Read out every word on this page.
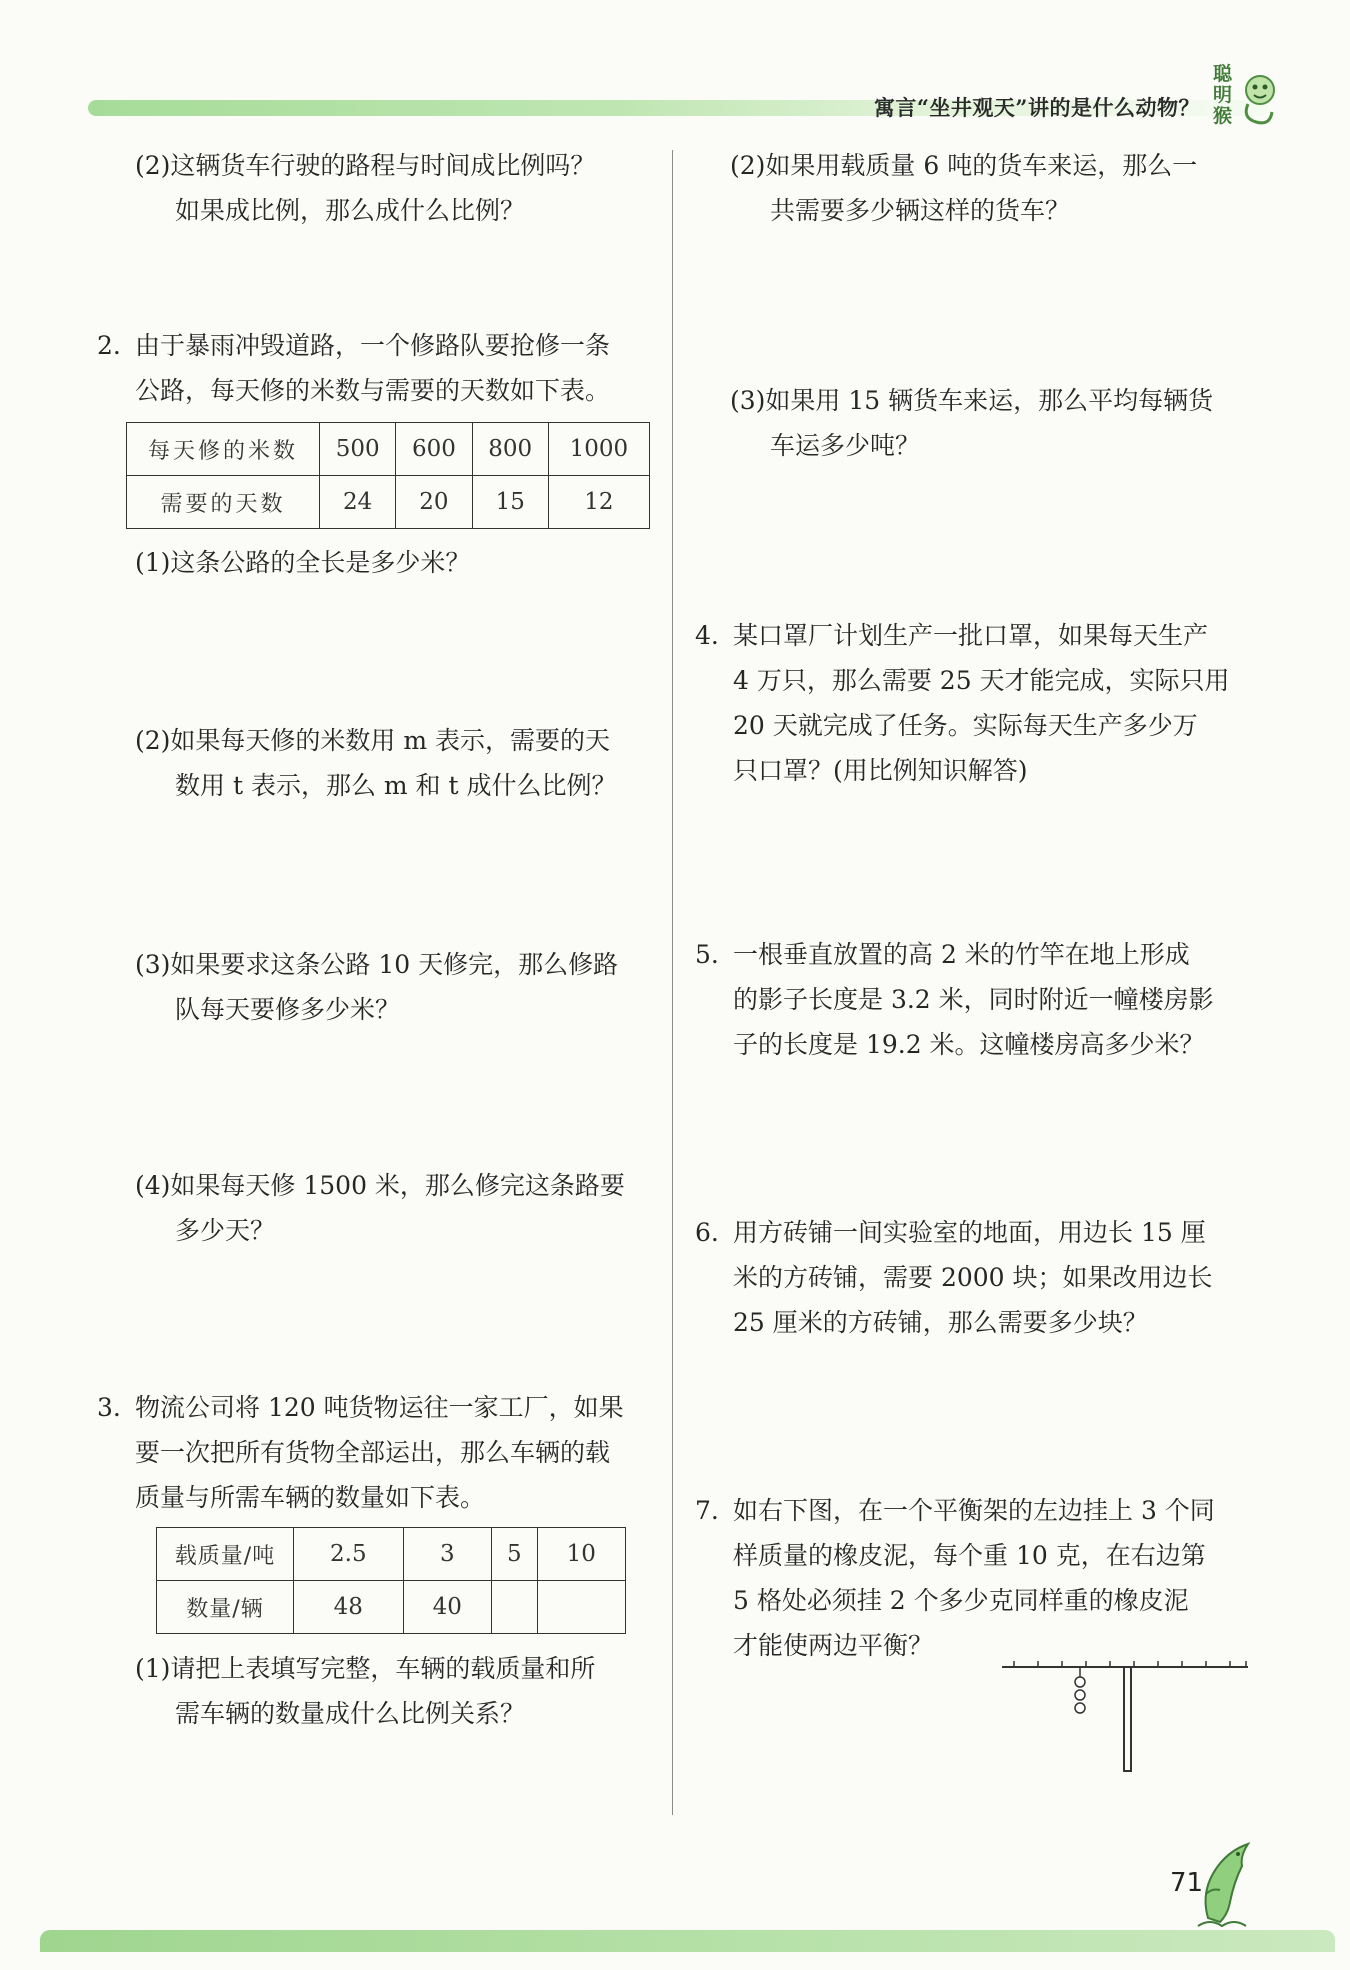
寓言“坐井观天”讲的是什么动物？
聪
明
猴
(2)这辆货车行驶的路程与时间成比例吗？
如果成比例，那么成什么比例？
2. 由于暴雨冲毁道路，一个修路队要抢修一条
公路，每天修的米数与需要的天数如下表。
每天修的米数	500	600	800	1000
需要的天数	24	20	15	12
(1)这条公路的全长是多少米？
(2)如果每天修的米数用 m 表示，需要的天
数用 t 表示，那么 m 和 t 成什么比例？
(3)如果要求这条公路 10 天修完，那么修路
队每天要修多少米？
(4)如果每天修 1500 米，那么修完这条路要
多少天？
3. 物流公司将 120 吨货物运往一家工厂，如果
要一次把所有货物全部运出，那么车辆的载
质量与所需车辆的数量如下表。
载质量/吨	2.5	3	5	10
数量/辆	48	40		
(1)请把上表填写完整，车辆的载质量和所
需车辆的数量成什么比例关系？
(2)如果用载质量 6 吨的货车来运，那么一
共需要多少辆这样的货车？
(3)如果用 15 辆货车来运，那么平均每辆货
车运多少吨？
4. 某口罩厂计划生产一批口罩，如果每天生产
4 万只，那么需要 25 天才能完成，实际只用
20 天就完成了任务。实际每天生产多少万
只口罩？(用比例知识解答)
5. 一根垂直放置的高 2 米的竹竿在地上形成
的影子长度是 3.2 米，同时附近一幢楼房影
子的长度是 19.2 米。这幢楼房高多少米？
6. 用方砖铺一间实验室的地面，用边长 15 厘
米的方砖铺，需要 2000 块；如果改用边长
25 厘米的方砖铺，那么需要多少块？
7. 如右下图，在一个平衡架的左边挂上 3 个同
样质量的橡皮泥，每个重 10 克，在右边第
5 格处必须挂 2 个多少克同样重的橡皮泥
才能使两边平衡？
71
